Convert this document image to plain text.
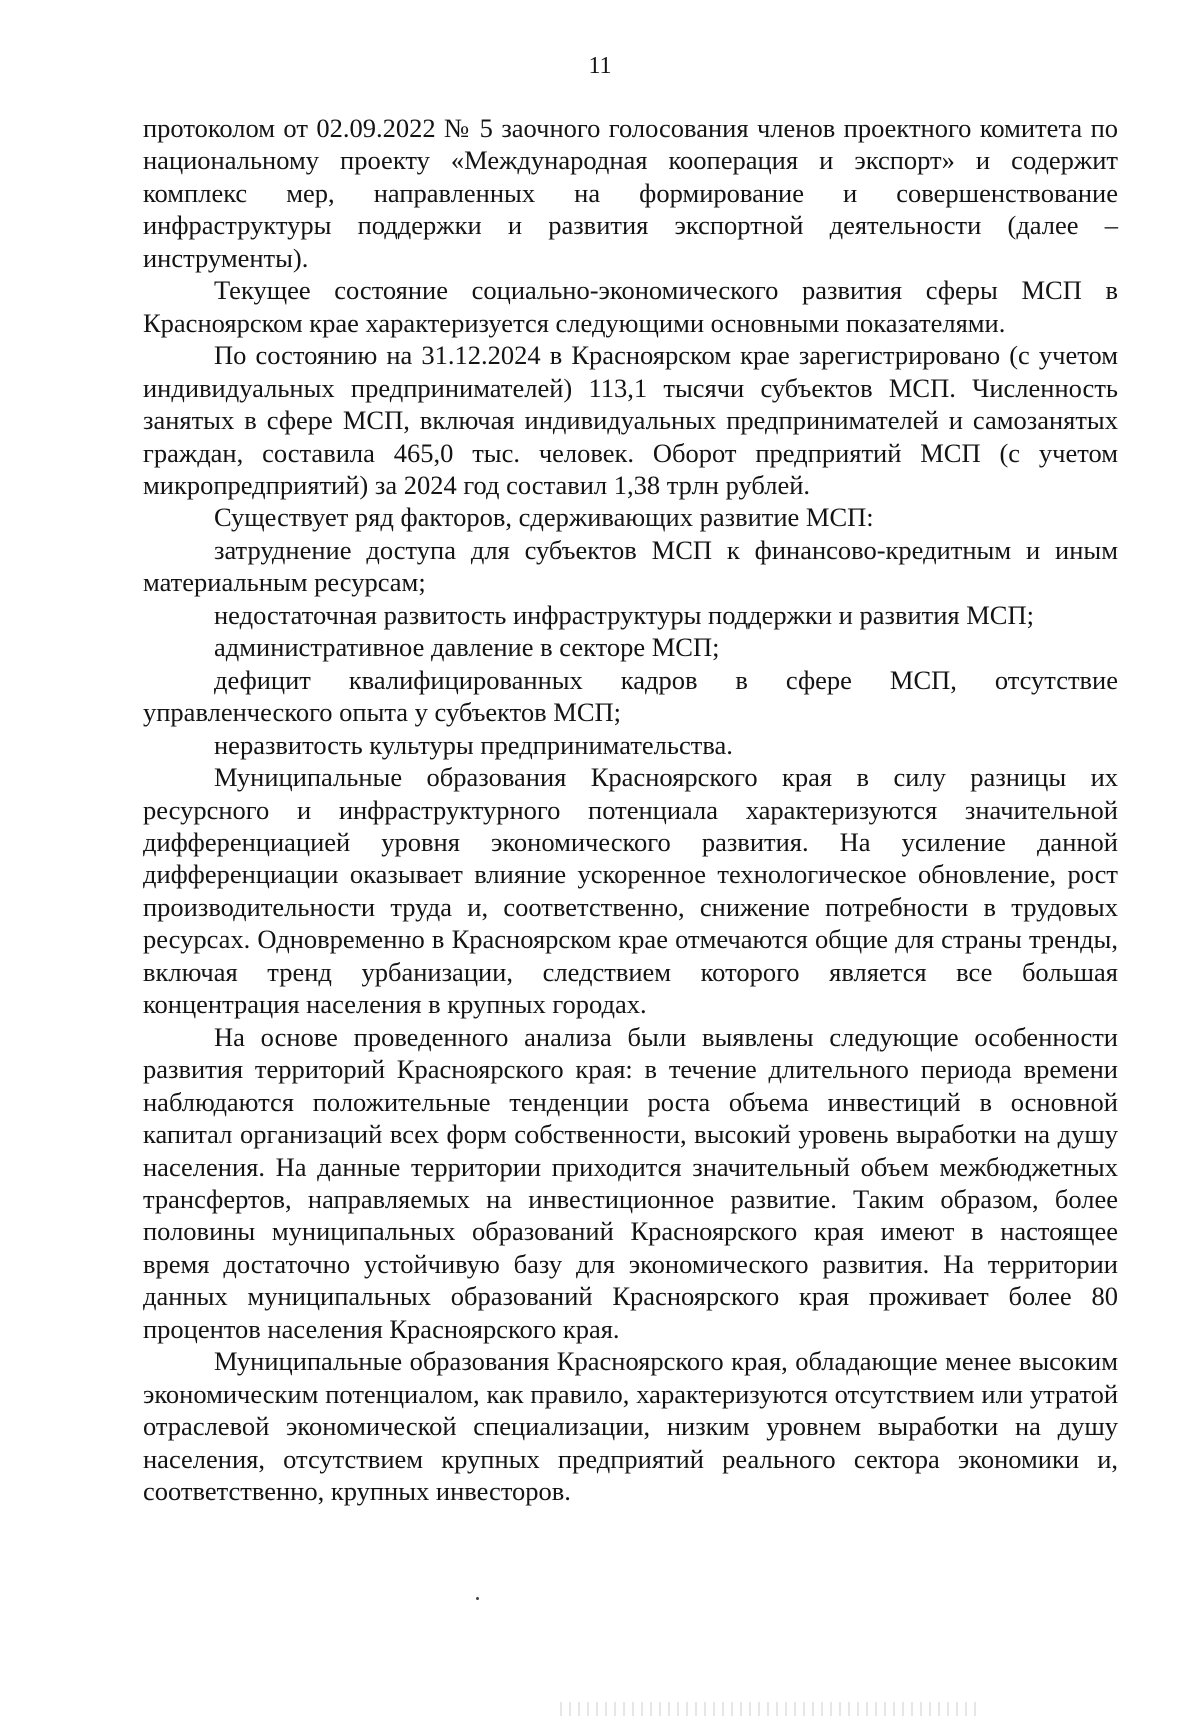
11

протоколом от 02.09.2022 № 5 заочного голосования членов проектного комитета по национальному проекту «Международная кооперация и экспорт» и содержит комплекс мер, направленных на формирование и совершенствование инфраструктуры поддержки и развития экспортной деятельности (далее – инструменты).

Текущее состояние социально-экономического развития сферы МСП в Красноярском крае характеризуется следующими основными показателями.

По состоянию на 31.12.2024 в Красноярском крае зарегистрировано (с учетом индивидуальных предпринимателей) 113,1 тысячи субъектов МСП. Численность занятых в сфере МСП, включая индивидуальных предпринимателей и самозанятых граждан, составила 465,0 тыс. человек. Оборот предприятий МСП (с учетом микропредприятий) за 2024 год составил 1,38 трлн рублей.

Существует ряд факторов, сдерживающих развитие МСП:

затруднение доступа для субъектов МСП к финансово-кредитным и иным материальным ресурсам;

недостаточная развитость инфраструктуры поддержки и развития МСП;

административное давление в секторе МСП;

дефицит квалифицированных кадров в сфере МСП, отсутствие управленческого опыта у субъектов МСП;

неразвитость культуры предпринимательства.

Муниципальные образования Красноярского края в силу разницы их ресурсного и инфраструктурного потенциала характеризуются значительной дифференциацией уровня экономического развития. На усиление данной дифференциации оказывает влияние ускоренное технологическое обновление, рост производительности труда и, соответственно, снижение потребности в трудовых ресурсах. Одновременно в Красноярском крае отмечаются общие для страны тренды, включая тренд урбанизации, следствием которого является все большая концентрация населения в крупных городах.

На основе проведенного анализа были выявлены следующие особенности развития территорий Красноярского края: в течение длительного периода времени наблюдаются положительные тенденции роста объема инвестиций в основной капитал организаций всех форм собственности, высокий уровень выработки на душу населения. На данные территории приходится значительный объем межбюджетных трансфертов, направляемых на инвестиционное развитие. Таким образом, более половины муниципальных образований Красноярского края имеют в настоящее время достаточно устойчивую базу для экономического развития. На территории данных муниципальных образований Красноярского края проживает более 80 процентов населения Красноярского края.

Муниципальные образования Красноярского края, обладающие менее высоким экономическим потенциалом, как правило, характеризуются отсутствием или утратой отраслевой экономической специализации, низким уровнем выработки на душу населения, отсутствием крупных предприятий реального сектора экономики и, соответственно, крупных инвесторов.
